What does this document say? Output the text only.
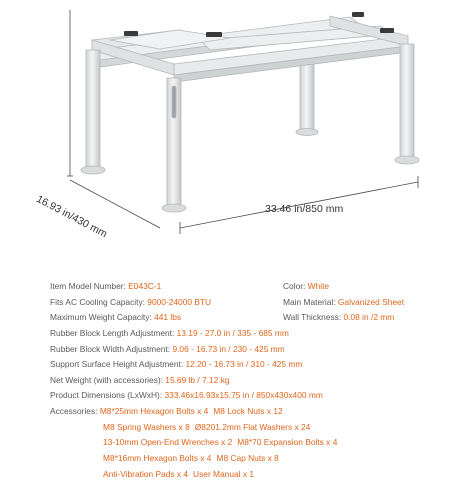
16.93 in/430 mm	33.46 in/850 mm
Item Model Number: E043C-1	Color: White
Fits AC Cooling Capacity: 9000-24000 BTU	Main Material: Galvanized Sheet
Maximum Weight Capacity: 441 lbs	Wall Thickness: 0.08 in /2 mm
Rubber Block Length Adjustment: 13.19 - 27.0 in / 335 - 685 mm
Rubber Block Width Adjustment: 9.06 - 16.73 in / 230 - 425 mm
Support Surface Height Adjustment: 12.20 - 16.73 in / 310 - 425 mm
Net Weight (with accessories): 15.69 lb / 7.12 kg
Product Dimensions (LxWxH): 333.46x16.93x15.75 in / 850x430x400 mm
Accessories: M8*25mm Hexagon Bolts x 4 M8 Lock Nuts x 12
M8 Spring Washers x 8 Ø8201.2mm Flat Washers x 24
13-10mm Open-End Wrenches x 2 M8*70 Expansion Bolts x 4
M8*16mm Hexagon Bolts x 4 M8 Cap Nuts x 8
Anti-Vibration Pads x 4 User Manual x 1
